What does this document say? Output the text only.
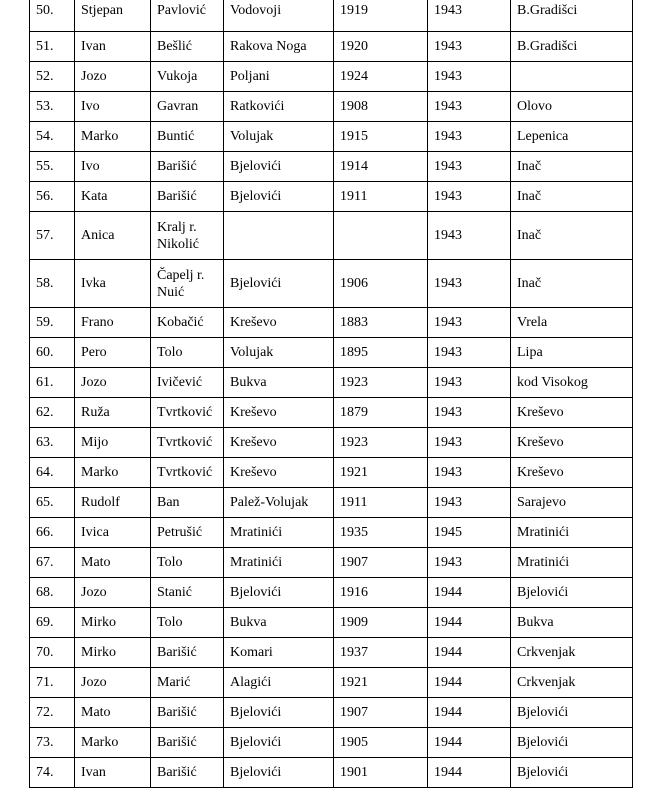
50.	Stjepan	Pavlović	Vodovoji	1919	1943	B.Gradišci
51.	Ivan	Bešlić	Rakova Noga	1920	1943	B.Gradišci
52.	Jozo	Vukoja	Poljani	1924	1943	
53.	Ivo	Gavran	Ratkovići	1908	1943	Olovo
54.	Marko	Buntić	Volujak	1915	1943	Lepenica
55.	Ivo	Barišić	Bjelovići	1914	1943	Inač
56.	Kata	Barišić	Bjelovići	1911	1943	Inač
57.	Anica	Kralj r. Nikolić			1943	Inač
58.	Ivka	Čapelj r. Nuić	Bjelovići	1906	1943	Inač
59.	Frano	Kobačić	Kreševo	1883	1943	Vrela
60.	Pero	Tolo	Volujak	1895	1943	Lipa
61.	Jozo	Ivičević	Bukva	1923	1943	kod Visokog
62.	Ruža	Tvrtković	Kreševo	1879	1943	Kreševo
63.	Mijo	Tvrtković	Kreševo	1923	1943	Kreševo
64.	Marko	Tvrtković	Kreševo	1921	1943	Kreševo
65.	Rudolf	Ban	Palež-Volujak	1911	1943	Sarajevo
66.	Ivica	Petrušić	Mratinići	1935	1945	Mratinići
67.	Mato	Tolo	Mratinići	1907	1943	Mratinići
68.	Jozo	Stanić	Bjelovići	1916	1944	Bjelovići
69.	Mirko	Tolo	Bukva	1909	1944	Bukva
70.	Mirko	Barišić	Komari	1937	1944	Crkvenjak
71.	Jozo	Marić	Alagići	1921	1944	Crkvenjak
72.	Mato	Barišić	Bjelovići	1907	1944	Bjelovići
73.	Marko	Barišić	Bjelovići	1905	1944	Bjelovići
74.	Ivan	Barišić	Bjelovići	1901	1944	Bjelovići
